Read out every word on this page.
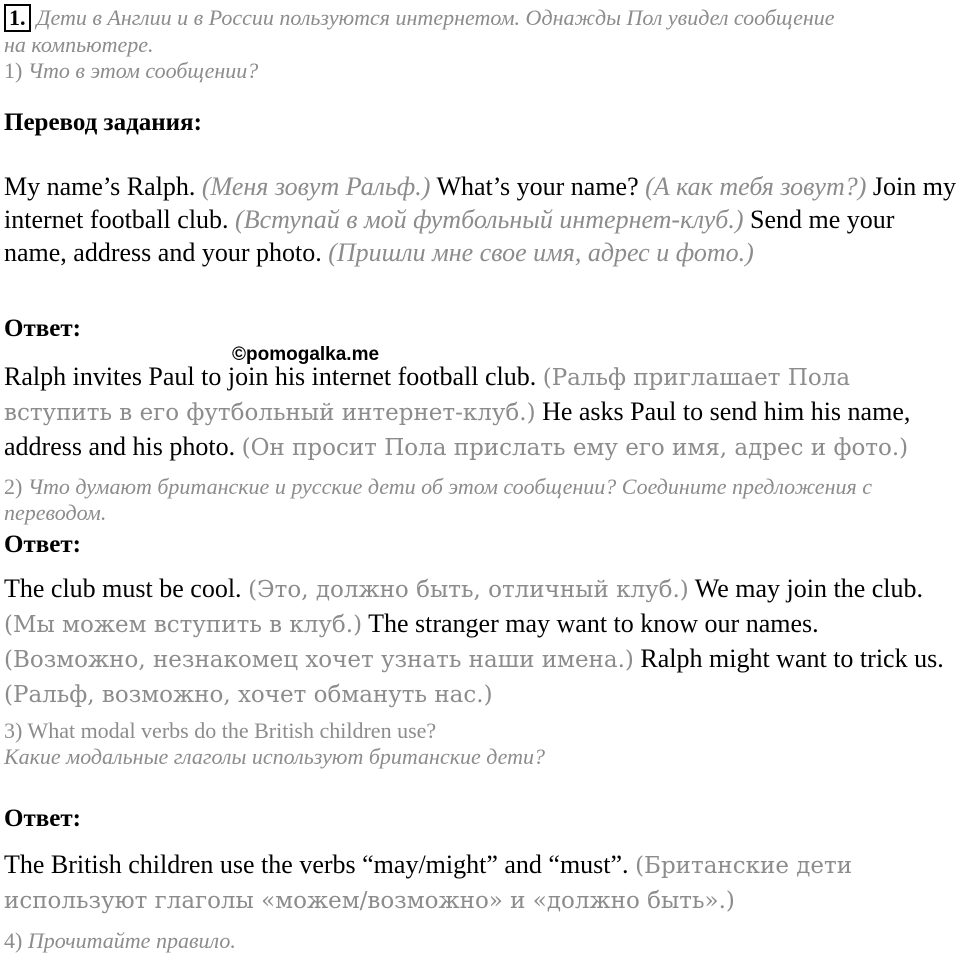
1. Дети в Англии и в России пользуются интернетом. Однажды Пол увидел сообщение
на компьютере.
1) Что в этом сообщении?
Перевод задания:
My name’s Ralph. (Меня зовут Ральф.) What’s your name? (А как тебя зовут?) Join my internet football club. (Вступай в мой футбольный интернет-клуб.) Send me your name, address and your photo. (Пришли мне свое имя, адрес и фото.)
Ответ:
©pomogalka.me
Ralph invites Paul to join his internet football club. (Ральф приглашает Пола вступить в его футбольный интернет-клуб.) He asks Paul to send him his name, address and his photo. (Он просит Пола прислать ему его имя, адрес и фото.)
2) Что думают британские и русские дети об этом сообщении? Соедините предложения с переводом.
Ответ:
The club must be cool. (Это, должно быть, отличный клуб.) We may join the club. (Мы можем вступить в клуб.) The stranger may want to know our names. (Возможно, незнакомец хочет узнать наши имена.) Ralph might want to trick us. (Ральф, возможно, хочет обмануть нас.)
3) What modal verbs do the British children use?
Какие модальные глаголы используют британские дети?
Ответ:
The British children use the verbs “may/might” and “must”. (Британские дети используют глаголы «можем/возможно» и «должно быть».)
4) Прочитайте правило.
